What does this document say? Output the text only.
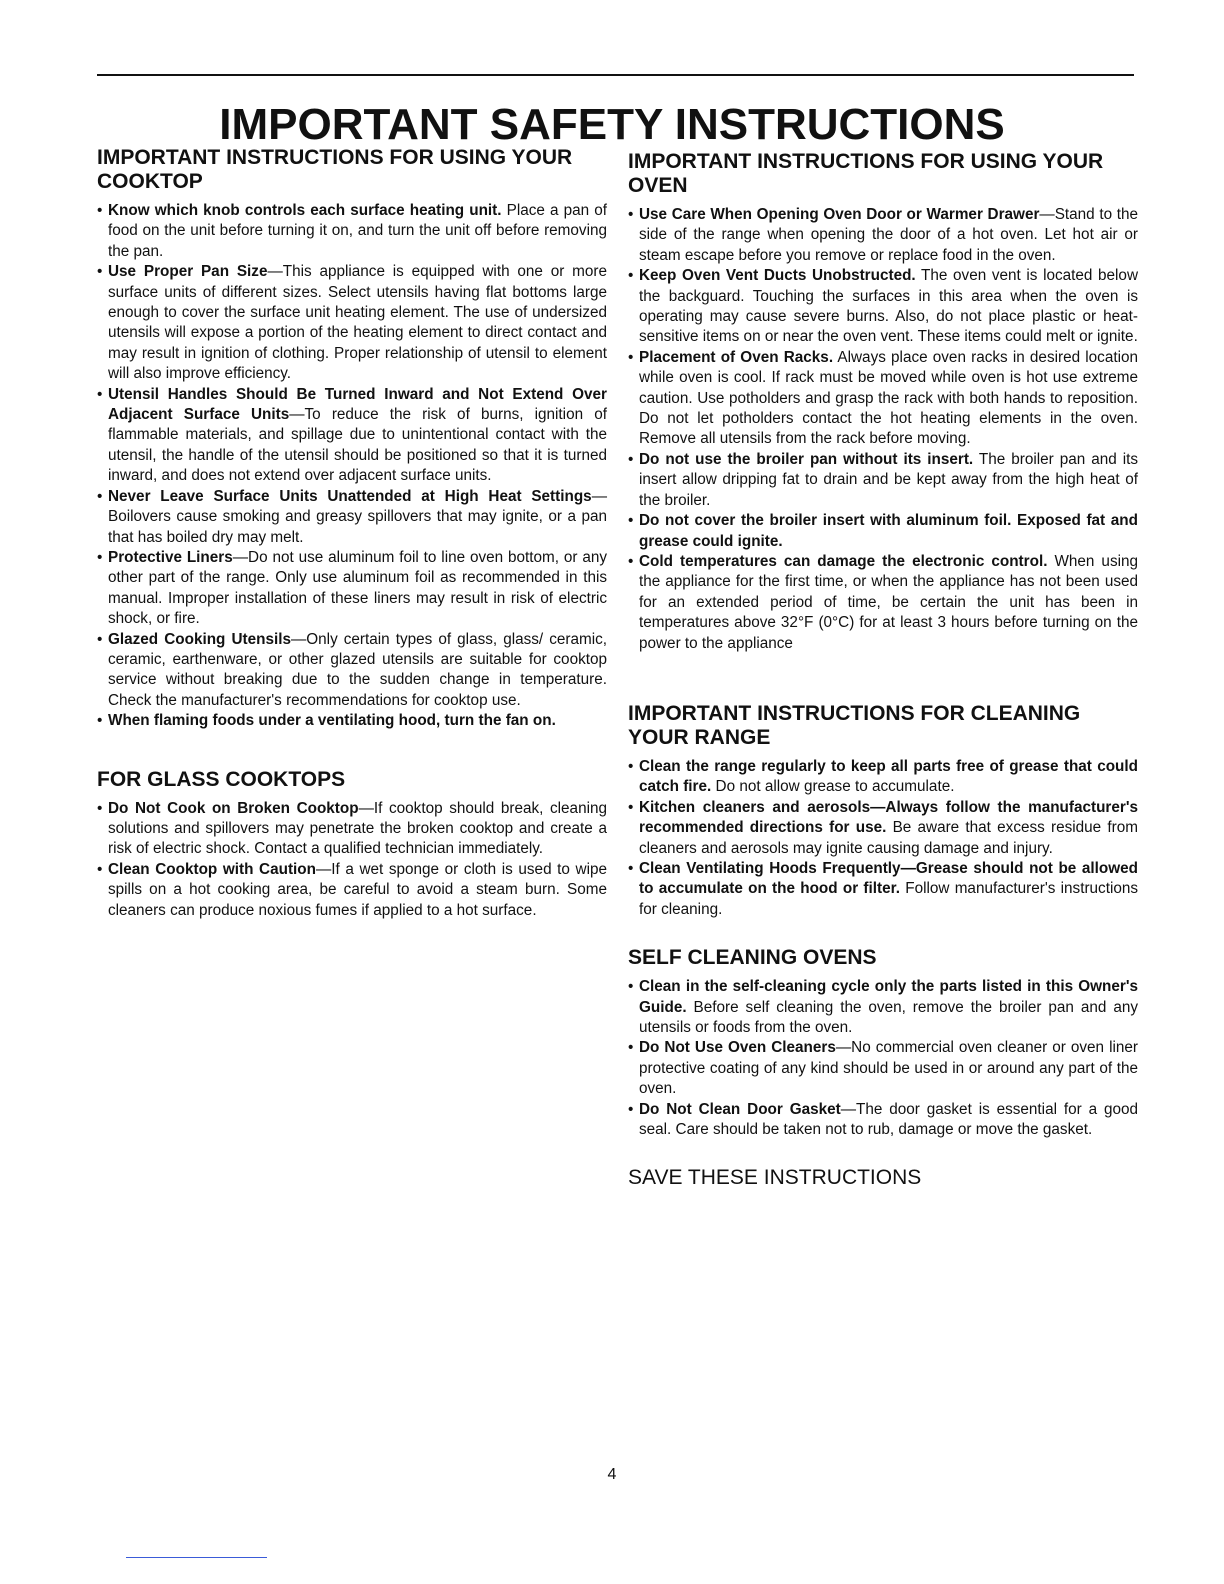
IMPORTANT SAFETY INSTRUCTIONS
IMPORTANT INSTRUCTIONS FOR USING YOUR COOKTOP
• Know which knob controls each surface heating unit. Place a pan of food on the unit before turning it on, and turn the unit off before removing the pan.
• Use Proper Pan Size—This appliance is equipped with one or more surface units of different sizes. Select utensils having flat bottoms large enough to cover the surface unit heating element. The use of undersized utensils will expose a portion of the heating element to direct contact and may result in ignition of clothing. Proper relationship of utensil to element will also improve efficiency.
• Utensil Handles Should Be Turned Inward and Not Extend Over Adjacent Surface Units—To reduce the risk of burns, ignition of flammable materials, and spillage due to unintentional contact with the utensil, the handle of the utensil should be positioned so that it is turned inward, and does not extend over adjacent surface units.
• Never Leave Surface Units Unattended at High Heat Settings—Boilovers cause smoking and greasy spillovers that may ignite, or a pan that has boiled dry may melt.
• Protective Liners—Do not use aluminum foil to line oven bottom, or any other part of the range. Only use aluminum foil as recommended in this manual. Improper installation of these liners may result in risk of electric shock, or fire.
• Glazed Cooking Utensils—Only certain types of glass, glass/ ceramic, ceramic, earthenware, or other glazed utensils are suitable for cooktop service without breaking due to the sudden change in temperature. Check the manufacturer's recommendations for cooktop use.
• When flaming foods under a ventilating hood, turn the fan on.
FOR GLASS COOKTOPS
• Do Not Cook on Broken Cooktop—If cooktop should break, cleaning solutions and spillovers may penetrate the broken cooktop and create a risk of electric shock. Contact a qualified technician immediately.
• Clean Cooktop with Caution—If a wet sponge or cloth is used to wipe spills on a hot cooking area, be careful to avoid a steam burn. Some cleaners can produce noxious fumes if applied to a hot surface.
IMPORTANT INSTRUCTIONS FOR USING YOUR OVEN
• Use Care When Opening Oven Door or Warmer Drawer—Stand to the side of the range when opening the door of a hot oven. Let hot air or steam escape before you remove or replace food in the oven.
• Keep Oven Vent Ducts Unobstructed. The oven vent is located below the backguard. Touching the surfaces in this area when the oven is operating may cause severe burns. Also, do not place plastic or heat-sensitive items on or near the oven vent. These items could melt or ignite.
• Placement of Oven Racks. Always place oven racks in desired location while oven is cool. If rack must be moved while oven is hot use extreme caution. Use potholders and grasp the rack with both hands to reposition. Do not let potholders contact the hot heating elements in the oven. Remove all utensils from the rack before moving.
• Do not use the broiler pan without its insert. The broiler pan and its insert allow dripping fat to drain and be kept away from the high heat of the broiler.
• Do not cover the broiler insert with aluminum foil. Exposed fat and grease could ignite.
• Cold temperatures can damage the electronic control. When using the appliance for the first time, or when the appliance has not been used for an extended period of time, be certain the unit has been in temperatures above 32°F (0°C) for at least 3 hours before turning on the power to the appliance
IMPORTANT INSTRUCTIONS FOR CLEANING YOUR RANGE
• Clean the range regularly to keep all parts free of grease that could catch fire. Do not allow grease to accumulate.
• Kitchen cleaners and aerosols—Always follow the manufacturer's recommended directions for use. Be aware that excess residue from cleaners and aerosols may ignite causing damage and injury.
• Clean Ventilating Hoods Frequently—Grease should not be allowed to accumulate on the hood or filter. Follow manufacturer's instructions for cleaning.
SELF CLEANING OVENS
• Clean in the self-cleaning cycle only the parts listed in this Owner's Guide. Before self cleaning the oven, remove the broiler pan and any utensils or foods from the oven.
• Do Not Use Oven Cleaners—No commercial oven cleaner or oven liner protective coating of any kind should be used in or around any part of the oven.
• Do Not Clean Door Gasket—The door gasket is essential for a good seal. Care should be taken not to rub, damage or move the gasket.

SAVE THESE INSTRUCTIONS

4
